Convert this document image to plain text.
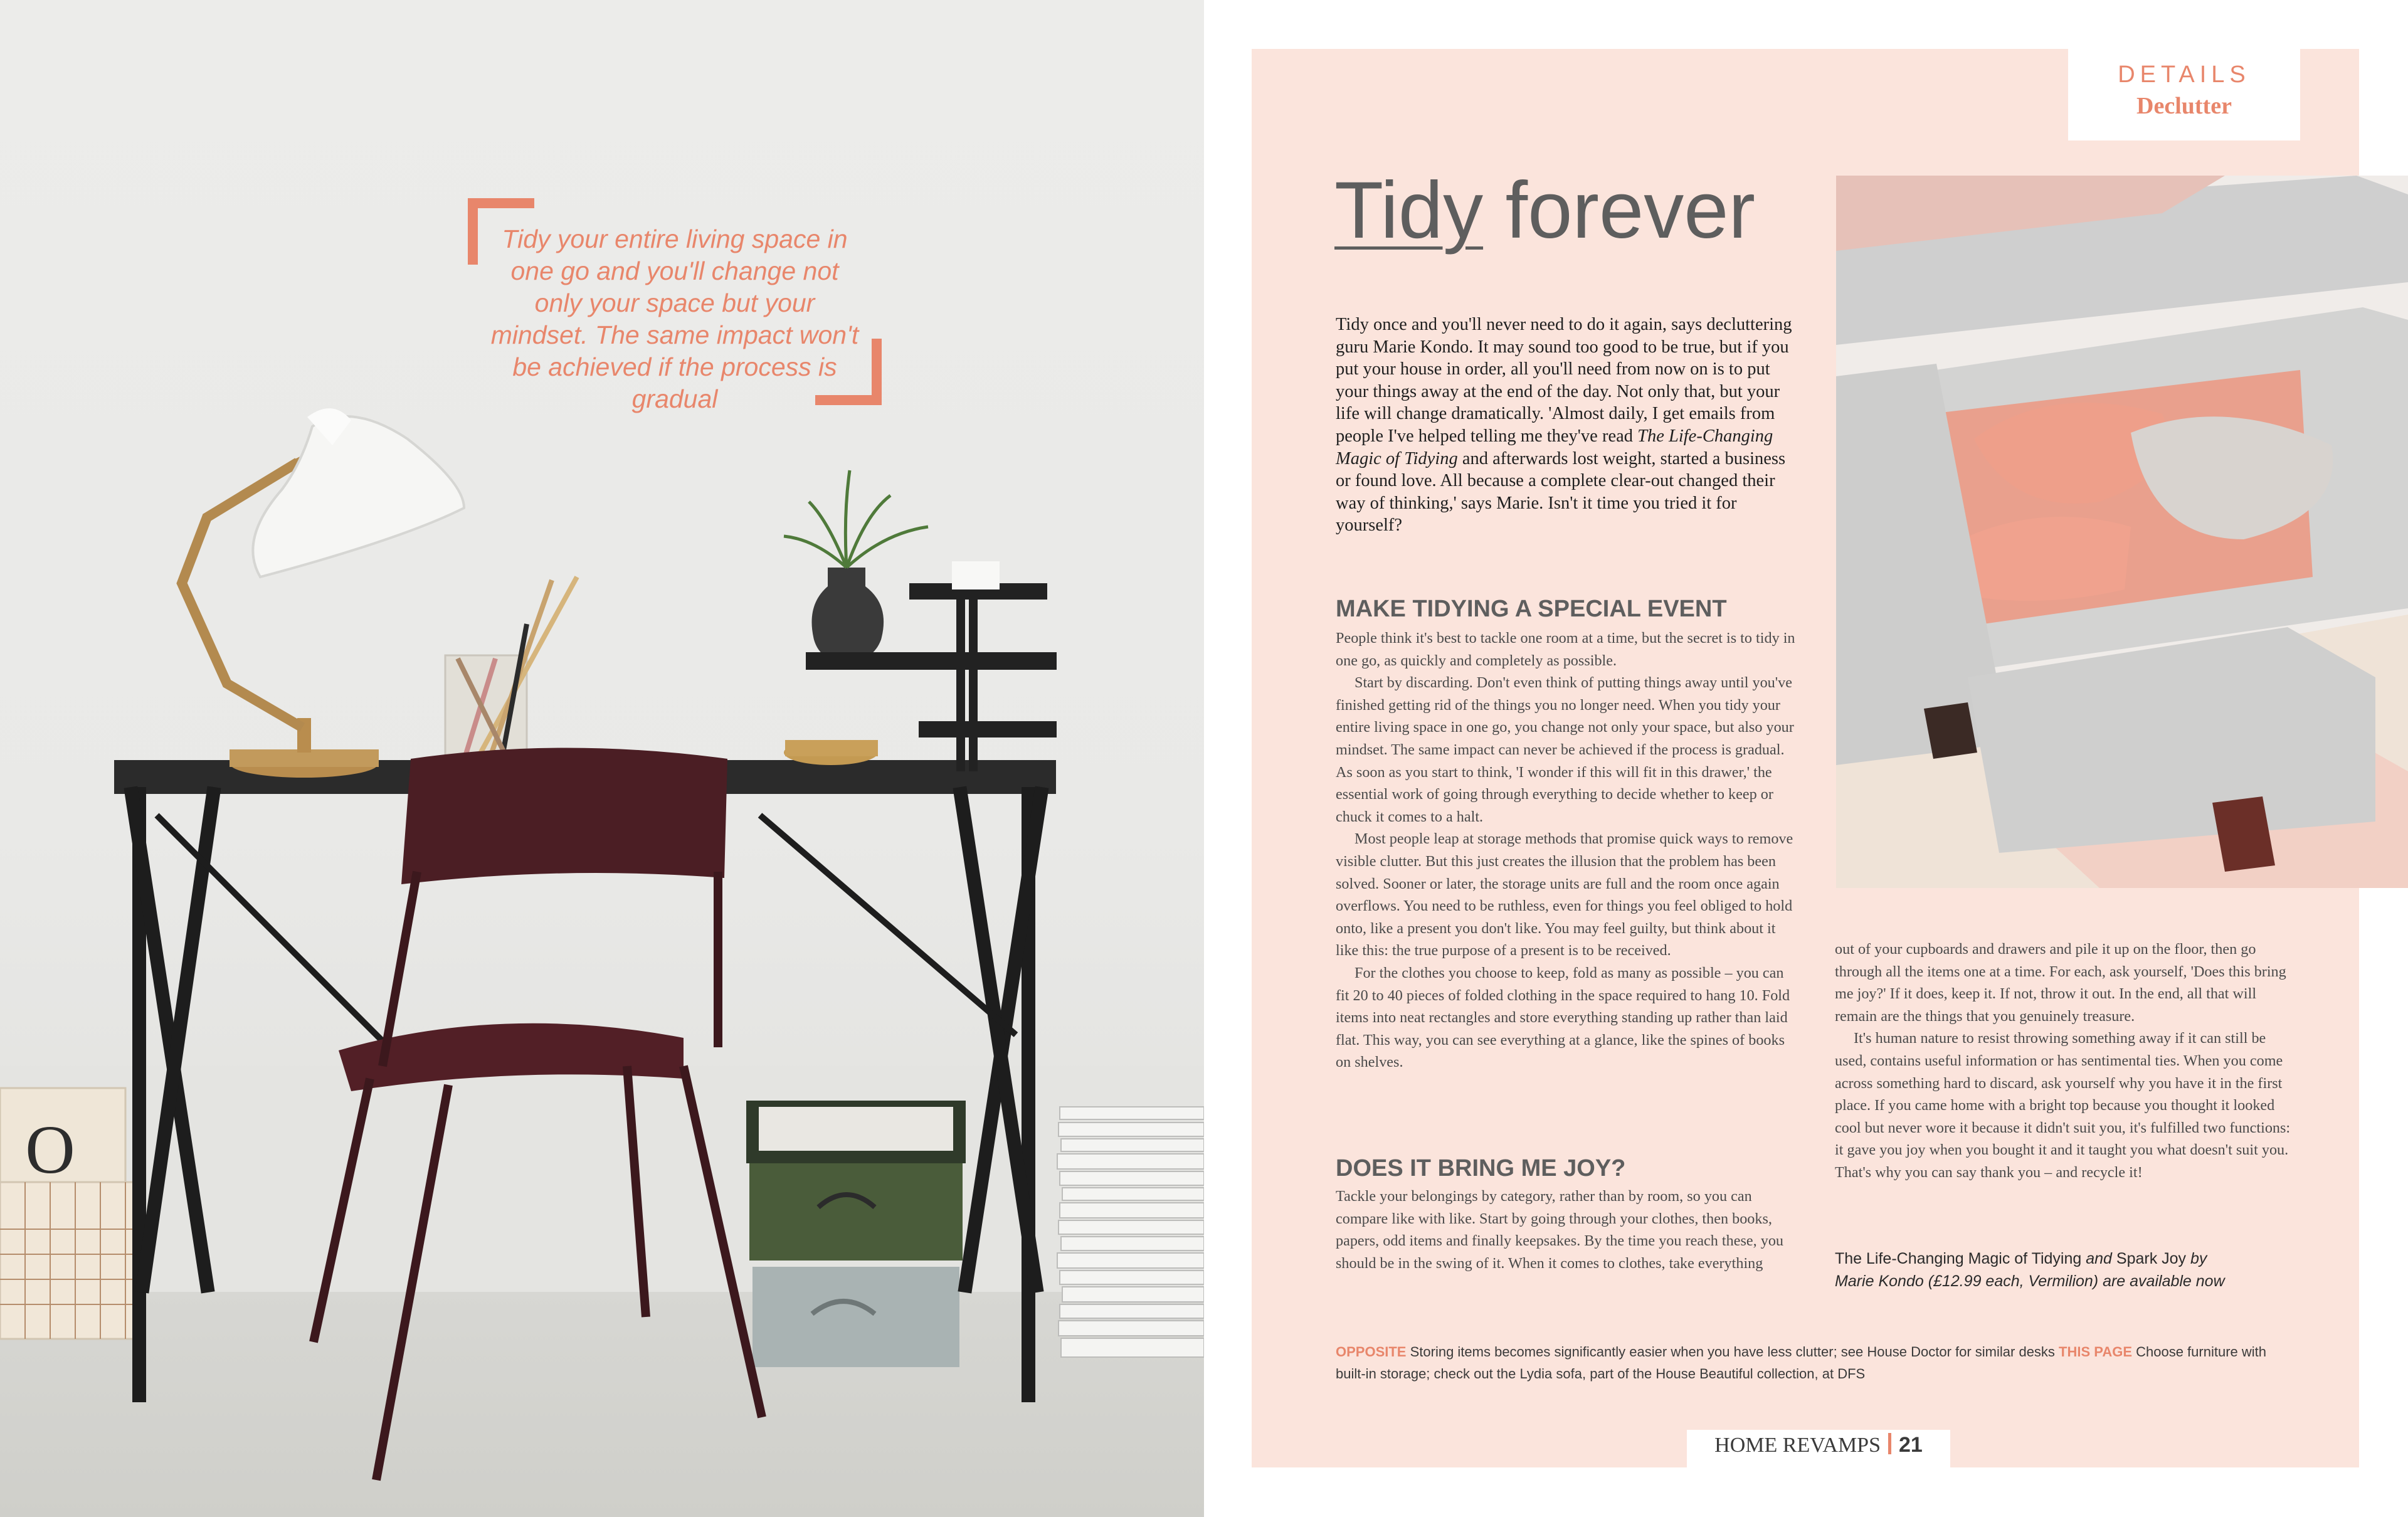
O
Tidy your entire living space in one go and you'll change not only your space but your mindset. The same impact won't be achieved if the process is gradual
DETAILS
Declutter
Tidy forever

Tidy once and you'll never need to do it again, says decluttering guru Marie Kondo. It may sound too good to be true, but if you put your house in order, all you'll need from now on is to put your things away at the end of the day. Not only that, but your life will change dramatically. 'Almost daily, I get emails from people I've helped telling me they've read The Life-Changing Magic of Tidying and afterwards lost weight, started a business or found love. All because a complete clear-out changed their way of thinking,' says Marie. Isn't it time you tried it for yourself?

MAKE TIDYING A SPECIAL EVENT
People think it's best to tackle one room at a time, but the secret is to tidy in one go, as quickly and completely as possible.
Start by discarding. Don't even think of putting things away until you've finished getting rid of the things you no longer need. When you tidy your entire living space in one go, you change not only your space, but also your mindset. The same impact can never be achieved if the process is gradual. As soon as you start to think, 'I wonder if this will fit in this drawer,' the essential work of going through everything to decide whether to keep or chuck it comes to a halt.
Most people leap at storage methods that promise quick ways to remove visible clutter. But this just creates the illusion that the problem has been solved. Sooner or later, the storage units are full and the room once again overflows. You need to be ruthless, even for things you feel obliged to hold onto, like a present you don't like. You may feel guilty, but think about it like this: the true purpose of a present is to be received.
For the clothes you choose to keep, fold as many as possible – you can fit 20 to 40 pieces of folded clothing in the space required to hang 10. Fold items into neat rectangles and store everything standing up rather than laid flat. This way, you can see everything at a glance, like the spines of books on shelves.
DOES IT BRING ME JOY?
Tackle your belongings by category, rather than by room, so you can compare like with like. Start by going through your clothes, then books, papers, odd items and finally keepsakes. By the time you reach these, you should be in the swing of it. When it comes to clothes, take everything
out of your cupboards and drawers and pile it up on the floor, then go through all the items one at a time. For each, ask yourself, 'Does this bring me joy?' If it does, keep it. If not, throw it out. In the end, all that will remain are the things that you genuinely treasure.
It's human nature to resist throwing something away if it can still be used, contains useful information or has sentimental ties. When you come across something hard to discard, ask yourself why you have it in the first place. If you came home with a bright top because you thought it looked cool but never wore it because it didn't suit you, it's fulfilled two functions: it gave you joy when you bought it and it taught you what doesn't suit you. That's why you can say thank you – and recycle it!

The Life-Changing Magic of Tidying and Spark Joy by
Marie Kondo (£12.99 each, Vermilion) are available now

OPPOSITE Storing items becomes significantly easier when you have less clutter; see House Doctor for similar desks THIS PAGE Choose furniture with built-in storage; check out the Lydia sofa, part of the House Beautiful collection, at DFS
HOME REVAMPS 21
